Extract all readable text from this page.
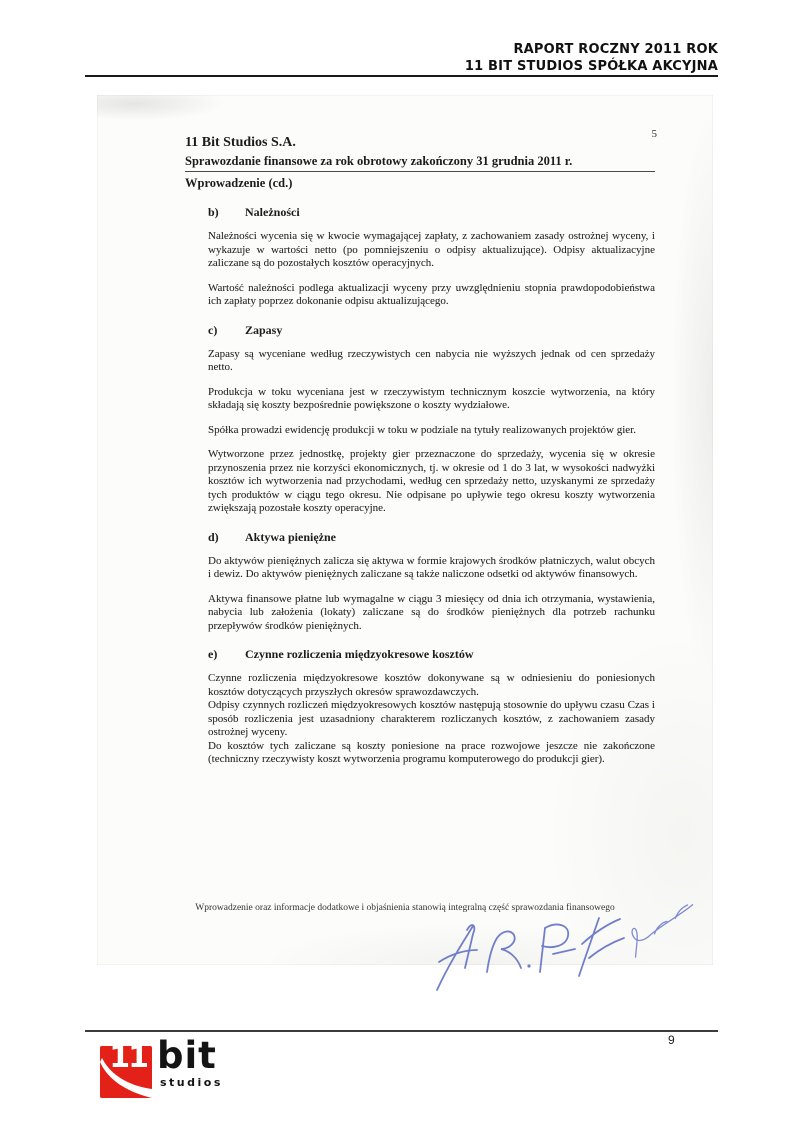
RAPORT ROCZNY 2011 ROK
11 BIT STUDIOS SPÓŁKA AKCYJNA
5

11 Bit Studios S.A.

Sprawozdanie finansowe za rok obrotowy zakończony 31 grudnia 2011 r.

Wprowadzenie (cd.)

b) Należności

Należności wycenia się w kwocie wymagającej zapłaty, z zachowaniem zasady ostrożnej wyceny, i wykazuje w wartości netto (po pomniejszeniu o odpisy aktualizujące). Odpisy aktualizacyjne zaliczane są do pozostałych kosztów operacyjnych.

Wartość należności podlega aktualizacji wyceny przy uwzględnieniu stopnia prawdopodobieństwa ich zapłaty poprzez dokonanie odpisu aktualizującego.

c) Zapasy

Zapasy są wyceniane według rzeczywistych cen nabycia nie wyższych jednak od cen sprzedaży netto.

Produkcja w toku wyceniana jest w rzeczywistym technicznym koszcie wytworzenia, na który składają się koszty bezpośrednie powiększone o koszty wydziałowe.

Spółka prowadzi ewidencję produkcji w toku w podziale na tytuły realizowanych projektów gier.

Wytworzone przez jednostkę, projekty gier przeznaczone do sprzedaży, wycenia się w okresie przynoszenia przez nie korzyści ekonomicznych, tj. w okresie od 1 do 3 lat, w wysokości nadwyżki kosztów ich wytworzenia nad przychodami, według cen sprzedaży netto, uzyskanymi ze sprzedaży tych produktów w ciągu tego okresu. Nie odpisane po upływie tego okresu koszty wytworzenia zwiększają pozostałe koszty operacyjne.

d) Aktywa pieniężne

Do aktywów pieniężnych zalicza się aktywa w formie krajowych środków płatniczych, walut obcych i dewiz. Do aktywów pieniężnych zaliczane są także naliczone odsetki od aktywów finansowych.

Aktywa finansowe płatne lub wymagalne w ciągu 3 miesięcy od dnia ich otrzymania, wystawienia, nabycia lub założenia (lokaty) zaliczane są do środków pieniężnych dla potrzeb rachunku przepływów środków pieniężnych.

e) Czynne rozliczenia międzyokresowe kosztów

Czynne rozliczenia międzyokresowe kosztów dokonywane są w odniesieniu do poniesionych kosztów dotyczących przyszłych okresów sprawozdawczych.

Odpisy czynnych rozliczeń międzyokresowych kosztów następują stosownie do upływu czasu Czas i sposób rozliczenia jest uzasadniony charakterem rozliczanych kosztów, z zachowaniem zasady ostrożnej wyceny.

Do kosztów tych zaliczane są koszty poniesione na prace rozwojowe jeszcze nie zakończone (techniczny rzeczywisty koszt wytworzenia programu komputerowego do produkcji gier).

Wprowadzenie oraz informacje dodatkowe i objaśnienia stanowią integralną część sprawozdania finansowego
9
11 bit
studios
